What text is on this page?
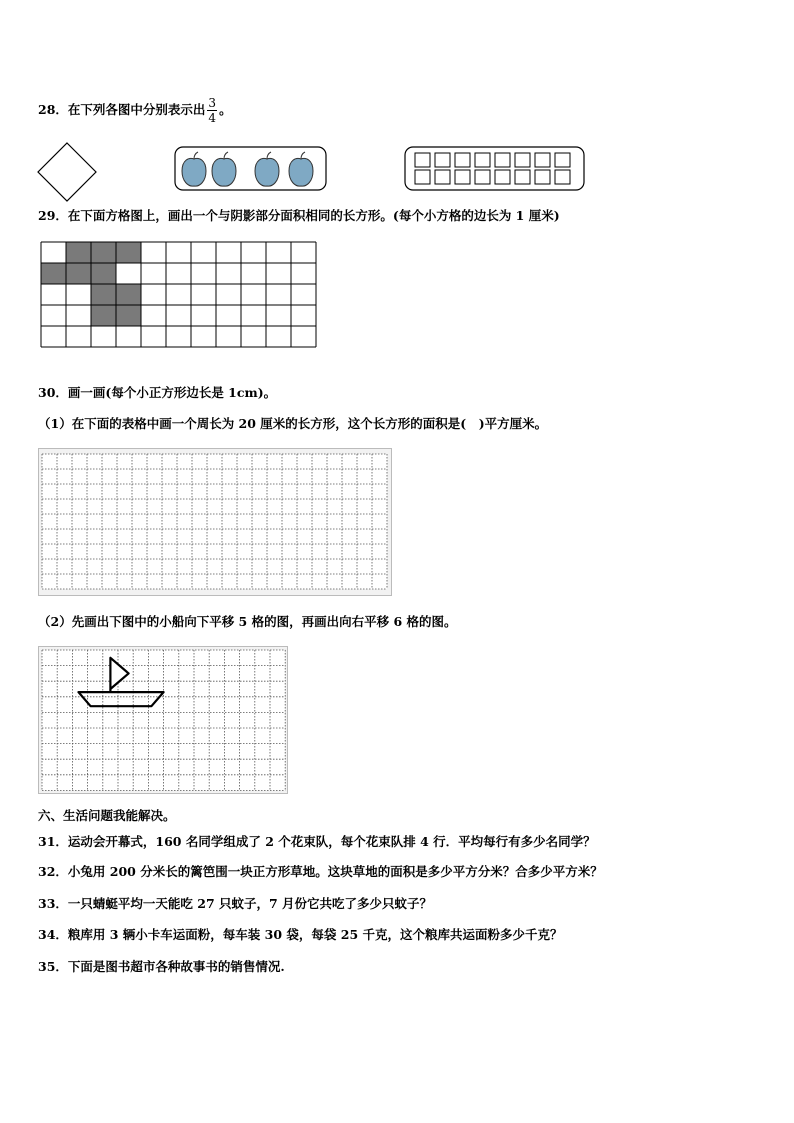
28．在下列各图中分别表示出 $\frac{3}{4}$ 。
29．在下面方格图上，画出一个与阴影部分面积相同的长方形。(每个小方格的边长为 1 厘米)
30．画一画(每个小正方形边长是 1cm)。
（1）在下面的表格中画一个周长为 20 厘米的长方形，这个长方形的面积是(　)平方厘米。
（2）先画出下图中的小船向下平移 5 格的图，再画出向右平移 6 格的图。
六、生活问题我能解决。
31．运动会开幕式，160 名同学组成了 2 个花束队，每个花束队排 4 行．平均每行有多少名同学？
32．小兔用 200 分米长的篱笆围一块正方形草地。这块草地的面积是多少平方分米？合多少平方米？
33．一只蜻蜓平均一天能吃 27 只蚊子，7 月份它共吃了多少只蚊子？
34．粮库用 3 辆小卡车运面粉，每车装 30 袋，每袋 25 千克，这个粮库共运面粉多少千克？
35．下面是图书超市各种故事书的销售情况.
